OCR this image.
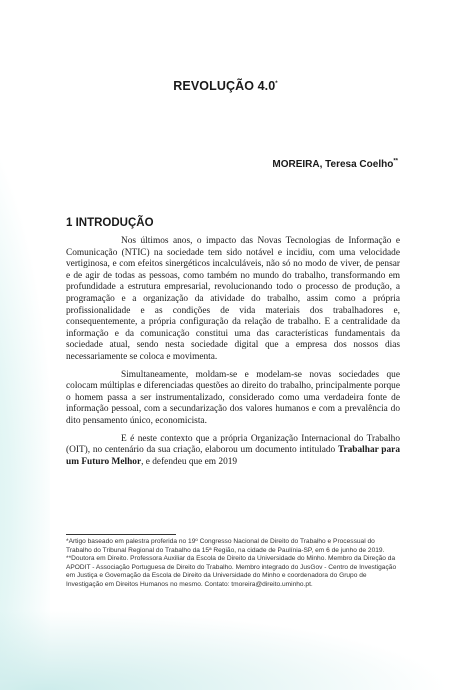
REVOLUÇÃO 4.0*
MOREIRA, Teresa Coelho**
1 INTRODUÇÃO

Nos últimos anos, o impacto das Novas Tecnologias de Informação e Comunicação (NTIC) na sociedade tem sido notável e incidiu, com uma velocidade vertiginosa, e com efeitos sinergéticos incalculáveis, não só no modo de viver, de pensar e de agir de todas as pessoas, como também no mundo do trabalho, transformando em profundidade a estrutura empresarial, revolucionando todo o processo de produção, a programação e a organização da atividade do trabalho, assim como a própria profissionalidade e as condições de vida materiais dos trabalhadores e, consequentemente, a própria configuração da relação de trabalho. E a centralidade da informação e da comunicação constitui uma das características fundamentais da sociedade atual, sendo nesta sociedade digital que a empresa dos nossos dias necessariamente se coloca e movimenta.

Simultaneamente, moldam-se e modelam-se novas sociedades que colocam múltiplas e diferenciadas questões ao direito do trabalho, principalmente porque o homem passa a ser instrumentalizado, considerado como uma verdadeira fonte de informação pessoal, com a secundarização dos valores humanos e com a prevalência do dito pensamento único, economicista.

E é neste contexto que a própria Organização Internacional do Trabalho (OIT), no centenário da sua criação, elaborou um documento intitulado Trabalhar para um Futuro Melhor, e defendeu que em 2019

*Artigo baseado em palestra proferida no 19º Congresso Nacional de Direito do Trabalho e Processual do Trabalho do Tribunal Regional do Trabalho da 15ª Região, na cidade de Paulínia-SP, em 6 de junho de 2019.

**Doutora em Direito. Professora Auxiliar da Escola de Direito da Universidade do Minho. Membro da Direção da APODIT - Associação Portuguesa de Direito do Trabalho. Membro integrado do JusGov - Centro de Investigação em Justiça e Governação da Escola de Direito da Universidade do Minho e coordenadora do Grupo de Investigação em Direitos Humanos no mesmo. Contato: tmoreira@direito.uminho.pt.
